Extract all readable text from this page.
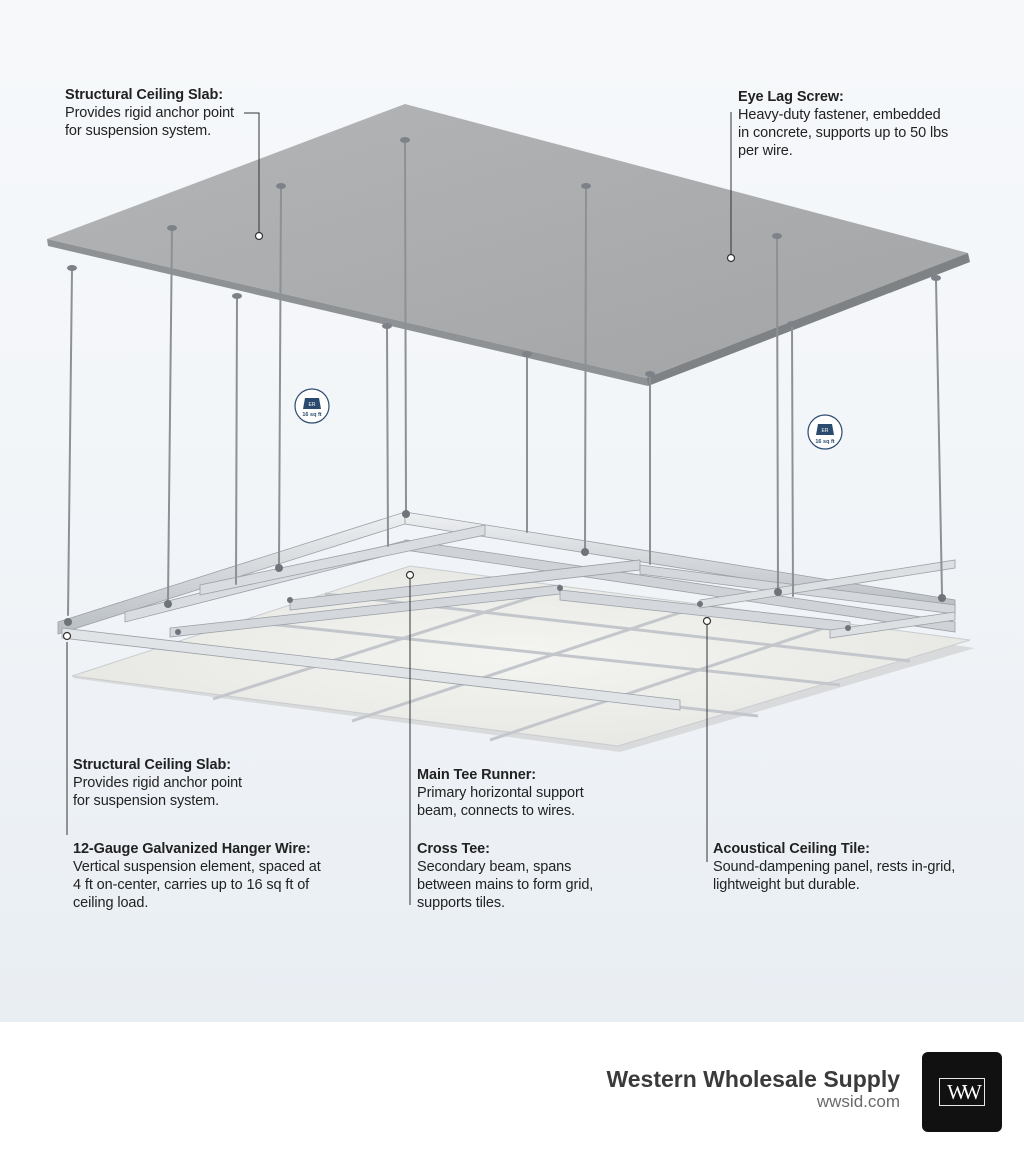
ER
16 sq ft
ER
16 sq ft
Structural Ceiling Slab:
Provides rigid anchor point
for suspension system.
Eye Lag Screw:
Heavy-duty fastener, embedded
in concrete, supports up to 50 lbs
per wire.
Structural Ceiling Slab:
Provides rigid anchor point
for suspension system.
Main Tee Runner:
Primary horizontal support
beam, connects to wires.
12-Gauge Galvanized Hanger Wire:
Vertical suspension element, spaced at
4 ft on-center, carries up to 16 sq ft of
ceiling load.
Cross Tee:
Secondary beam, spans
between mains to form grid,
supports tiles.
Acoustical Ceiling Tile:
Sound-dampening panel, rests in-grid,
lightweight but durable.
Western Wholesale Supply
wwsid.com	WW
